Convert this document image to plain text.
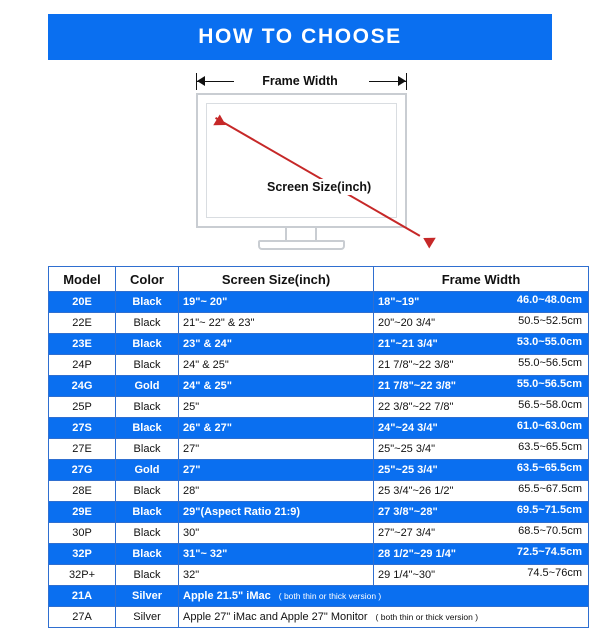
HOW TO CHOOSE
Frame Width
Screen Size(inch)
Model	Color	Screen Size(inch)	Frame Width
20E	Black	19"~ 20"	18"~19" 46.0~48.0cm

22E	Black	21"~ 22" & 23"	20"~20 3/4" 50.5~52.5cm

23E	Black	23" & 24"	21"~21 3/4" 53.0~55.0cm

24P	Black	24" & 25"	21 7/8"~22 3/8" 55.0~56.5cm

24G	Gold	24" & 25"	21 7/8"~22 3/8" 55.0~56.5cm

25P	Black	25"	22 3/8"~22 7/8" 56.5~58.0cm

27S	Black	26" & 27"	24"~24 3/4" 61.0~63.0cm

27E	Black	27"	25"~25 3/4" 63.5~65.5cm

27G	Gold	27"	25"~25 3/4" 63.5~65.5cm

28E	Black	28"	25 3/4"~26 1/2" 65.5~67.5cm

29E	Black	29"(Aspect Ratio 21:9)	27 3/8"~28" 69.5~71.5cm

30P	Black	30"	27"~27 3/4" 68.5~70.5cm

32P	Black	31"~ 32"	28 1/2"~29 1/4" 72.5~74.5cm

32P+	Black	32"	29 1/4"~30" 74.5~76cm

21A	Silver	Apple 21.5" iMac ( both thin or thick version )	
27A	Silver	Apple 27" iMac and Apple 27" Monitor ( both thin or thick version )	
